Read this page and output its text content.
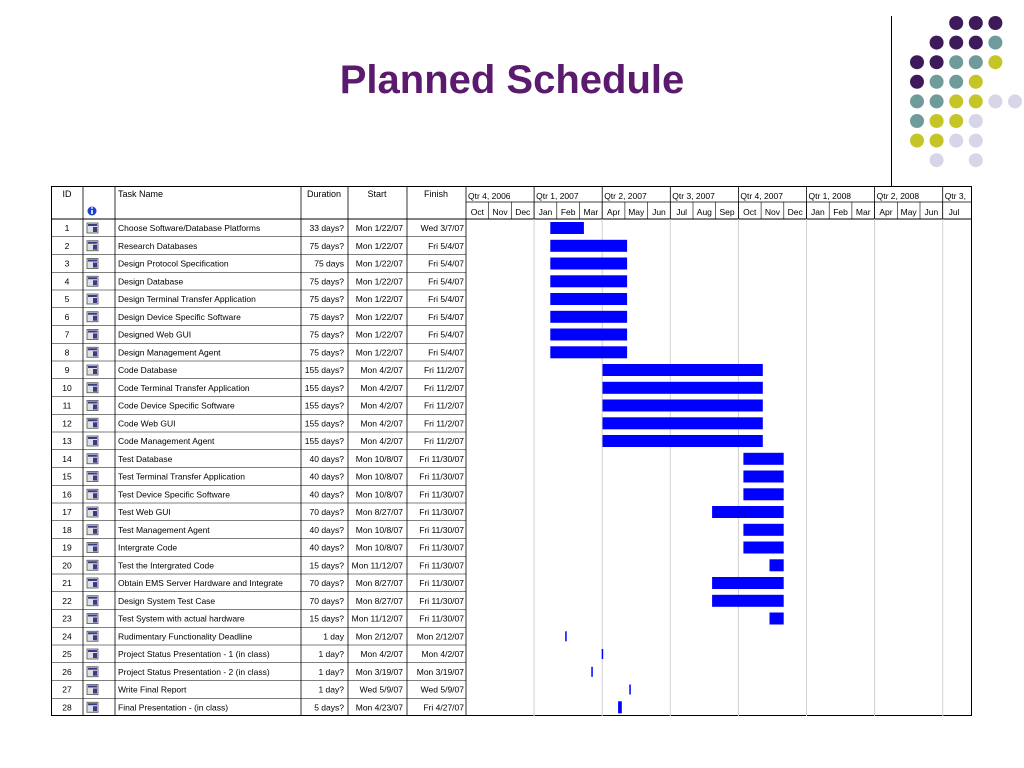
Planned Schedule
ID	Task Name	Duration	Start	Finish Qtr 4, 2006	Qtr 1, 2007	Qtr 2, 2007	Qtr 3, 2007	Qtr 4, 2007	Qtr 1, 2008	Qtr 2, 2008	Qtr 3,
Oct Nov Dec Jan Feb Mar Apr May Jun Jul Aug Sep Oct Nov Dec Jan Feb Mar Apr May Jun Jul
1	Choose Software/Database Platforms	33 days? Mon 1/22/07 Wed 3/7/07
2	Research Databases	75 days? Mon 1/22/07	Fri 5/4/07
3	Design Protocol Specification	75 days Mon 1/22/07	Fri 5/4/07
4	Design Database	75 days? Mon 1/22/07	Fri 5/4/07
5	Design Terminal Transfer Application	75 days? Mon 1/22/07	Fri 5/4/07
6	Design Device Specific Software	75 days? Mon 1/22/07	Fri 5/4/07
7	Designed Web GUI	75 days? Mon 1/22/07	Fri 5/4/07
8	Design Management Agent	75 days? Mon 1/22/07	Fri 5/4/07
9	Code Database	155 days? Mon 4/2/07 Fri 11/2/07
10	Code Terminal Transfer Application	155 days? Mon 4/2/07 Fri 11/2/07
11	Code Device Specific Software	155 days? Mon 4/2/07 Fri 11/2/07
12	Code Web GUI	155 days? Mon 4/2/07 Fri 11/2/07
13	Code Management Agent	155 days? Mon 4/2/07 Fri 11/2/07
14	Test Database	40 days? Mon 10/8/07 Fri 11/30/07
15	Test Terminal Transfer Application	40 days? Mon 10/8/07 Fri 11/30/07
16	Test Device Specific Software	40 days? Mon 10/8/07 Fri 11/30/07
17	Test Web GUI	70 days? Mon 8/27/07 Fri 11/30/07
18	Test Management Agent	40 days? Mon 10/8/07 Fri 11/30/07
19	Intergrate Code	40 days? Mon 10/8/07 Fri 11/30/07
20	Test the Intergrated Code	15 days? Mon 11/12/07 Fri 11/30/07
21	Obtain EMS Server Hardware and Integrate	70 days? Mon 8/27/07 Fri 11/30/07
22	Design System Test Case	70 days? Mon 8/27/07 Fri 11/30/07
23	Test System with actual hardware	15 days? Mon 11/12/07 Fri 11/30/07
24	Rudimentary Functionality Deadline	1 day Mon 2/12/07 Mon 2/12/07
25	Project Status Presentation - 1 (in class)	1 day? Mon 4/2/07 Mon 4/2/07
26	Project Status Presentation - 2 (in class)	1 day? Mon 3/19/07 Mon 3/19/07
27	Write Final Report	1 day? Wed 5/9/07 Wed 5/9/07
28	Final Presentation - (in class)	5 days? Mon 4/23/07 Fri 4/27/07
